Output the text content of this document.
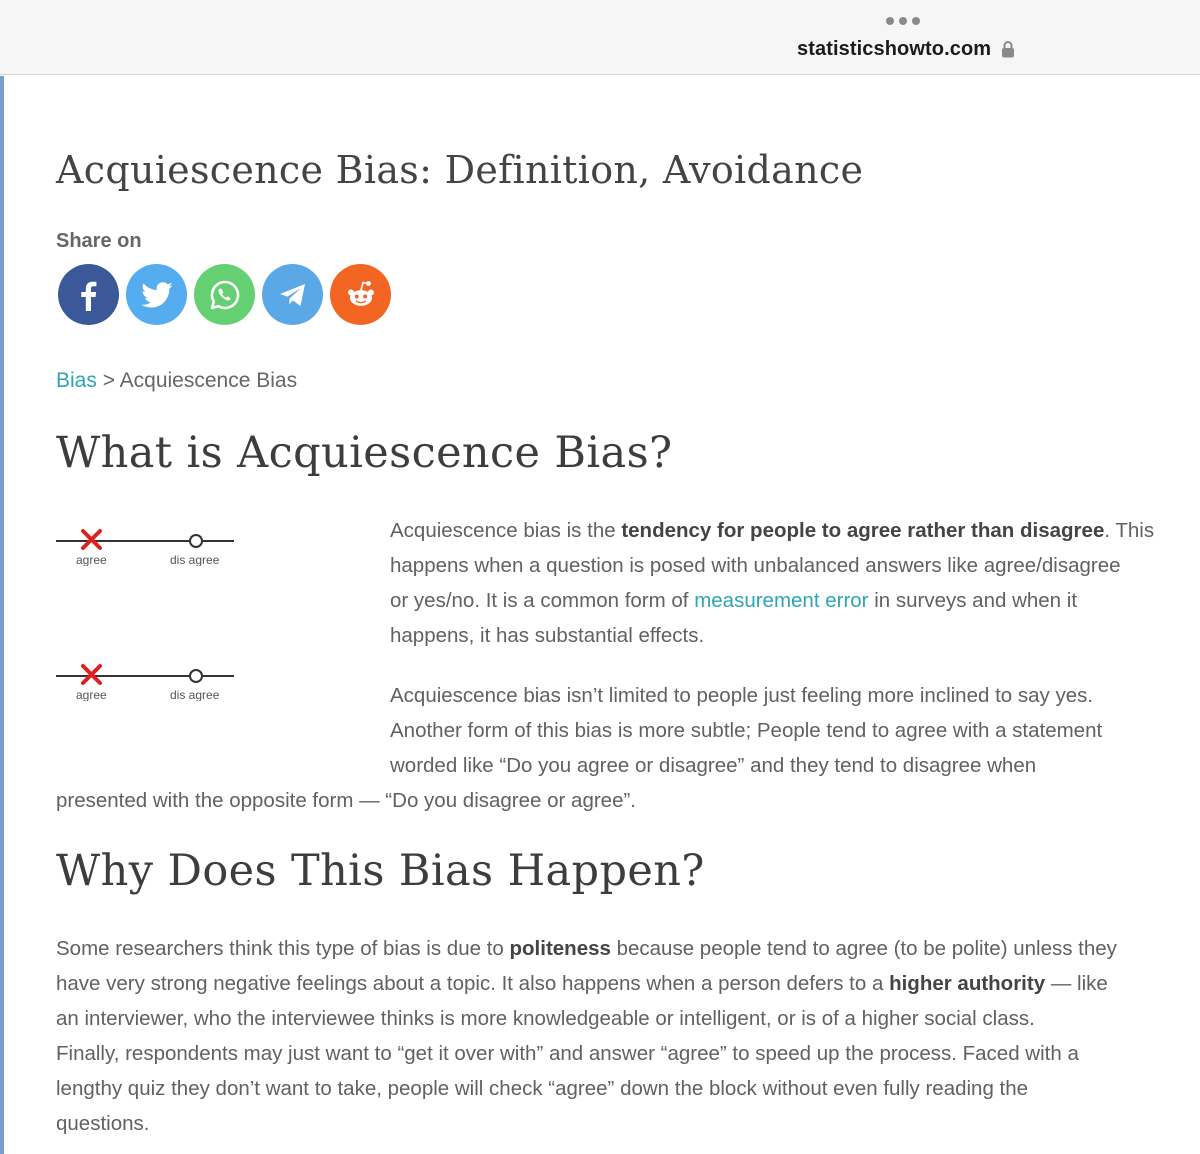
statisticshowto.com
Acquiescence Bias: Definition, Avoidance
Share on
Bias > Acquiescence Bias
What is Acquiescence Bias?
agree	dis agree
agree	dis agree
Acquiescence bias is the tendency for people to agree rather than disagree. This
happens when a question is posed with unbalanced answers like agree/disagree
or yes/no. It is a common form of measurement error in surveys and when it
happens, it has substantial effects.
Acquiescence bias isn’t limited to people just feeling more inclined to say yes.
Another form of this bias is more subtle; People tend to agree with a statement
worded like “Do you agree or disagree” and they tend to disagree when
presented with the opposite form — “Do you disagree or agree”.
Why Does This Bias Happen?
Some researchers think this type of bias is due to politeness because people tend to agree (to be polite) unless they
have very strong negative feelings about a topic. It also happens when a person defers to a higher authority — like
an interviewer, who the interviewee thinks is more knowledgeable or intelligent, or is of a higher social class.
Finally, respondents may just want to “get it over with” and answer “agree” to speed up the process. Faced with a
lengthy quiz they don’t want to take, people will check “agree” down the block without even fully reading the
questions.
